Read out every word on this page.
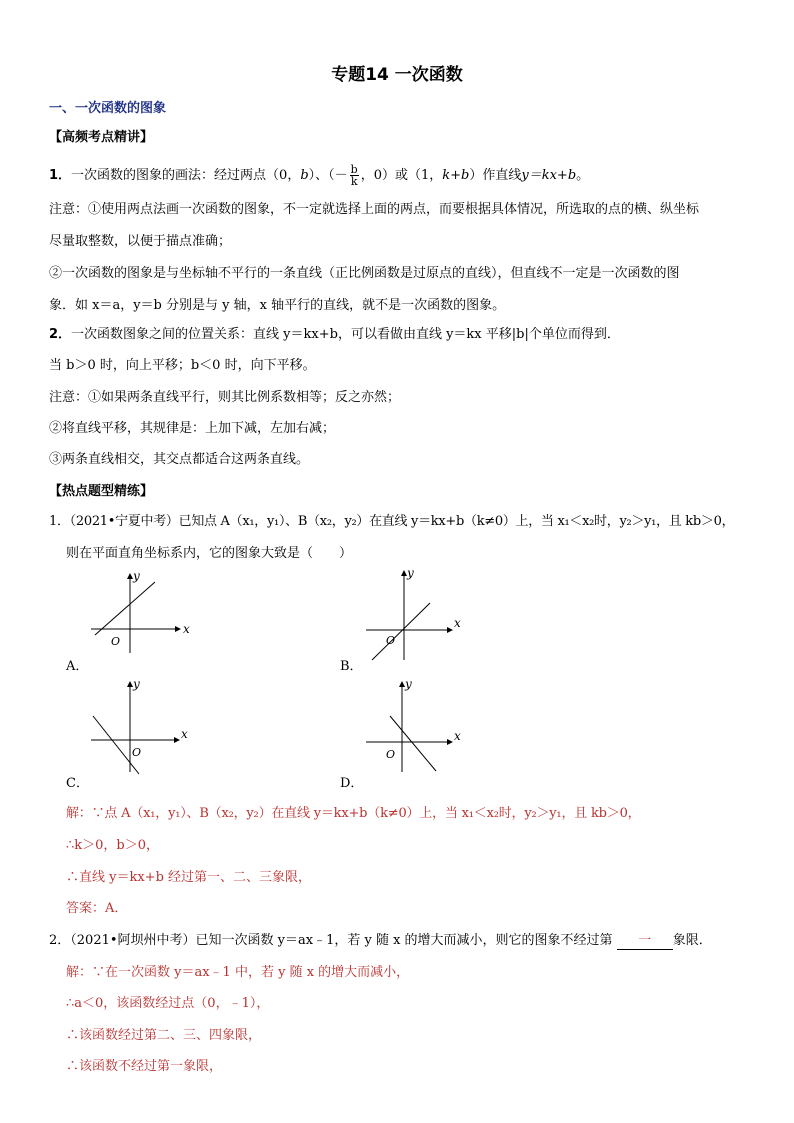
专题14 一次函数
一、一次函数的图象
【高频考点精讲】
1．一次函数的图象的画法：经过两点（0，b）、（－ $\frac{b}{k}$ ，0）或（1，k+b）作直线y＝kx+b。
注意：①使用两点法画一次函数的图象，不一定就选择上面的两点，而要根据具体情况，所选取的点的横、纵坐标
尽量取整数，以便于描点准确；
②一次函数的图象是与坐标轴不平行的一条直线（正比例函数是过原点的直线），但直线不一定是一次函数的图
象．如 x＝a，y＝b 分别是与 y 轴，x 轴平行的直线，就不是一次函数的图象。
2．一次函数图象之间的位置关系：直线 y＝kx+b，可以看做由直线 y＝kx 平移|b|个单位而得到．
当 b＞0 时，向上平移；b＜0 时，向下平移。
注意：①如果两条直线平行，则其比例系数相等；反之亦然；
②将直线平移，其规律是：上加下减，左加右减；
③两条直线相交，其交点都适合这两条直线。
【热点题型精练】
1．（2021•宁夏中考）已知点 A（x₁，y₁）、B（x₂，y₂）在直线 y＝kx+b（k≠0）上，当 x₁＜x₂时，y₂＞y₁，且 kb＞0，
则在平面直角坐标系内，它的图象大致是（　　）
x
y
O
A．
x
y
O
B．
x
y
O
C．
x
y
O
D．
解：∵点 A（x₁，y₁）、B（x₂，y₂）在直线 y＝kx+b（k≠0）上，当 x₁＜x₂时，y₂＞y₁，且 kb＞0，
∴k＞0，b＞0，
∴直线 y＝kx+b 经过第一、二、三象限，
答案：A．
2．（2021•阿坝州中考）已知一次函数 y＝ax﹣1，若 y 随 x 的增大而减小，则它的图象不经过第 一 象限．
解：∵在一次函数 y＝ax﹣1 中，若 y 随 x 的增大而减小，
∴a＜0，该函数经过点（0，﹣1），
∴该函数经过第二、三、四象限，
∴该函数不经过第一象限，
